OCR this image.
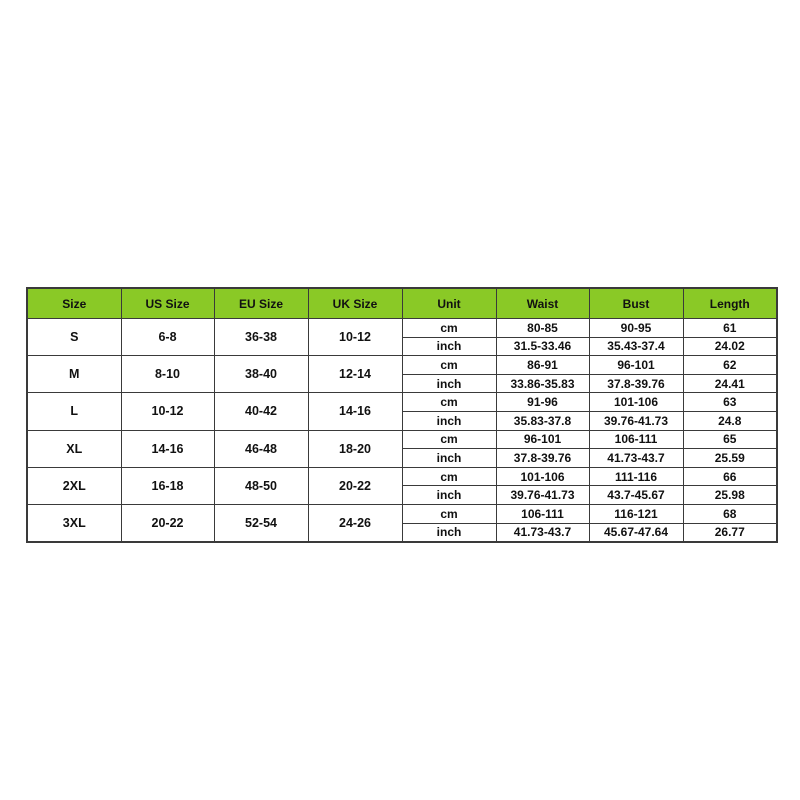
Size	US Size	EU Size	UK Size	Unit	Waist	Bust	Length
S	6-8	36-38	10-12	cm	80-85	90-95	61
				inch	31.5-33.46	35.43-37.4	24.02
M	8-10	38-40	12-14	cm	86-91	96-101	62
				inch	33.86-35.83	37.8-39.76	24.41
L	10-12	40-42	14-16	cm	91-96	101-106	63
				inch	35.83-37.8	39.76-41.73	24.8
XL	14-16	46-48	18-20	cm	96-101	106-111	65
				inch	37.8-39.76	41.73-43.7	25.59
2XL	16-18	48-50	20-22	cm	101-106	111-116	66
				inch	39.76-41.73	43.7-45.67	25.98
3XL	20-22	52-54	24-26	cm	106-111	116-121	68
				inch	41.73-43.7	45.67-47.64	26.77
